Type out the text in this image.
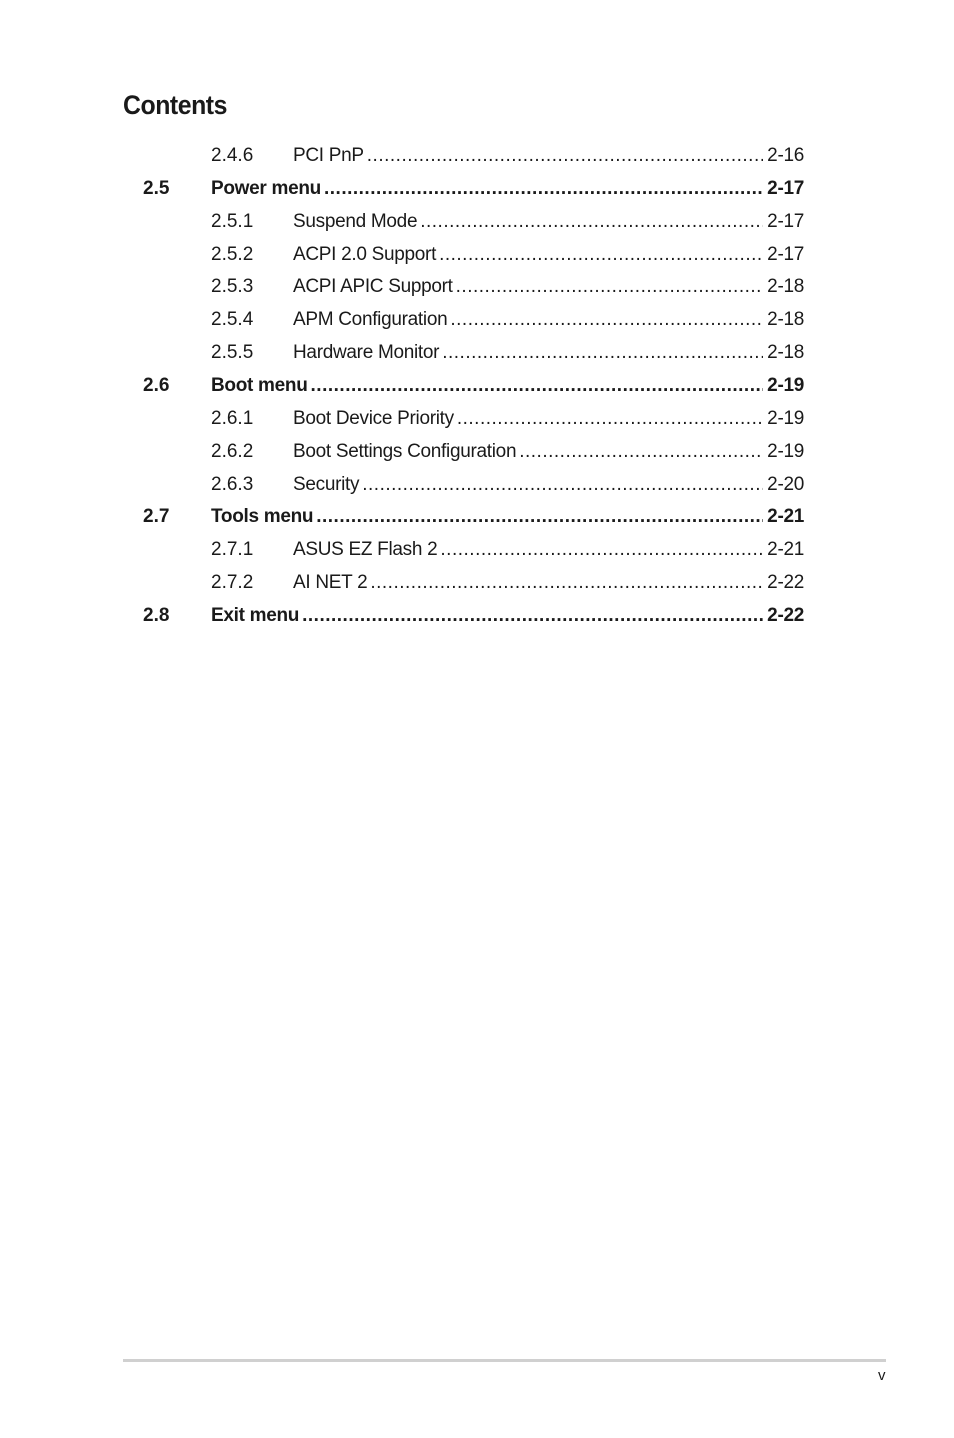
Contents
2.4.6 PCI PnP .....	2-16
2.5 Power menu .....	2-17
2.5.1 Suspend Mode .....	2-17
2.5.2 ACPI 2.0 Support .....	2-17
2.5.3 ACPI APIC Support .....	2-18
2.5.4 APM Configuration .....	2-18
2.5.5 Hardware Monitor .....	2-18
2.6 Boot menu .....	2-19
2.6.1 Boot Device Priority .....	2-19
2.6.2 Boot Settings Configuration .....	2-19
2.6.3 Security .....	2-20
2.7 Tools menu .....	2-21
2.7.1 ASUS EZ Flash 2 .....	2-21
2.7.2 AI NET 2 .....	2-22
2.8 Exit menu .....	2-22
v
